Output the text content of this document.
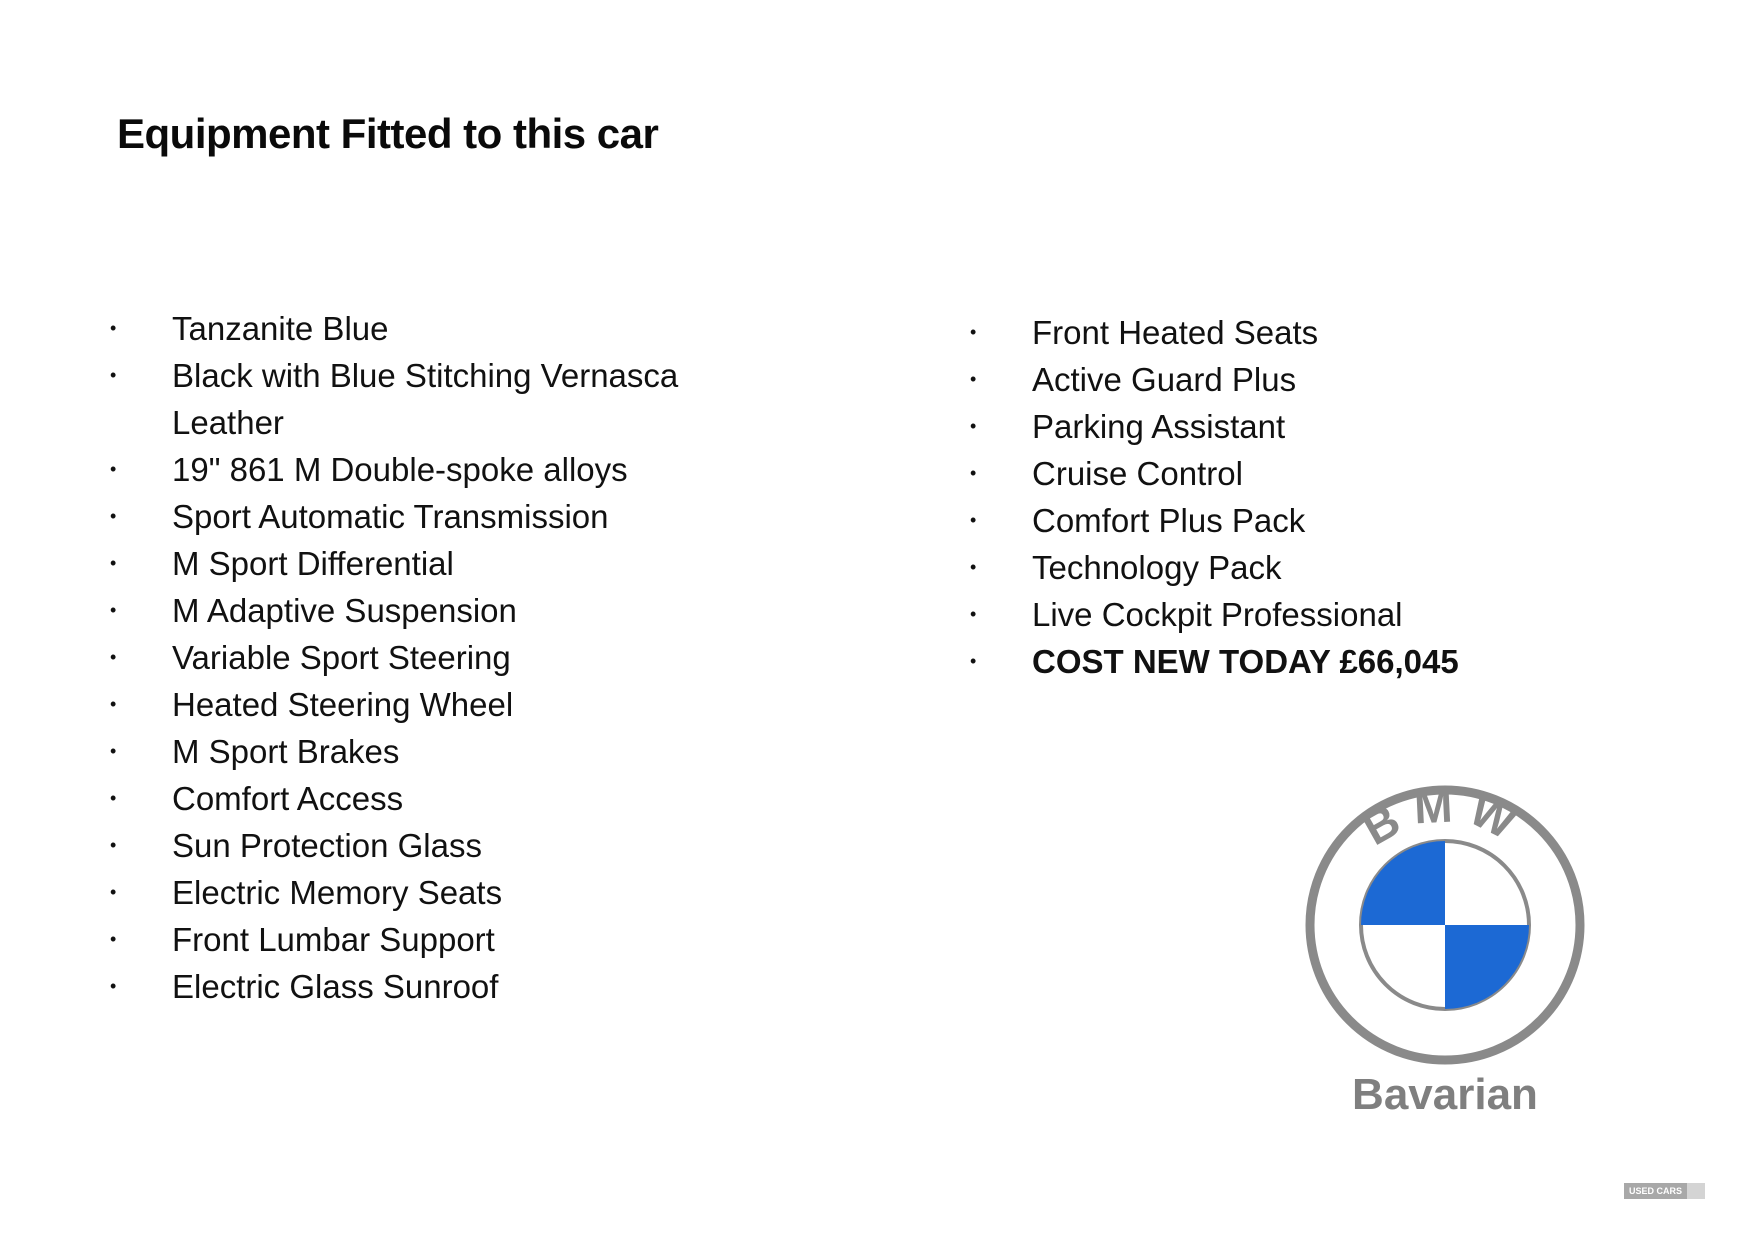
Equipment Fitted to this car
•	Tanzanite Blue
•	Black with Blue Stitching Vernasca Leather
•	19" 861 M Double-spoke alloys
•	Sport Automatic Transmission
•	M Sport Differential
•	M Adaptive Suspension
•	Variable Sport Steering
•	Heated Steering Wheel
•	M Sport Brakes
•	Comfort Access
•	Sun Protection Glass
•	Electric Memory Seats
•	Front Lumbar Support
•	Electric Glass Sunroof
•	Front Heated Seats
•	Active Guard Plus
•	Parking Assistant
•	Cruise Control
•	Comfort Plus Pack
•	Technology Pack
•	Live Cockpit Professional
•	COST NEW TODAY £66,045
BMW
Bavarian
USED CARS
